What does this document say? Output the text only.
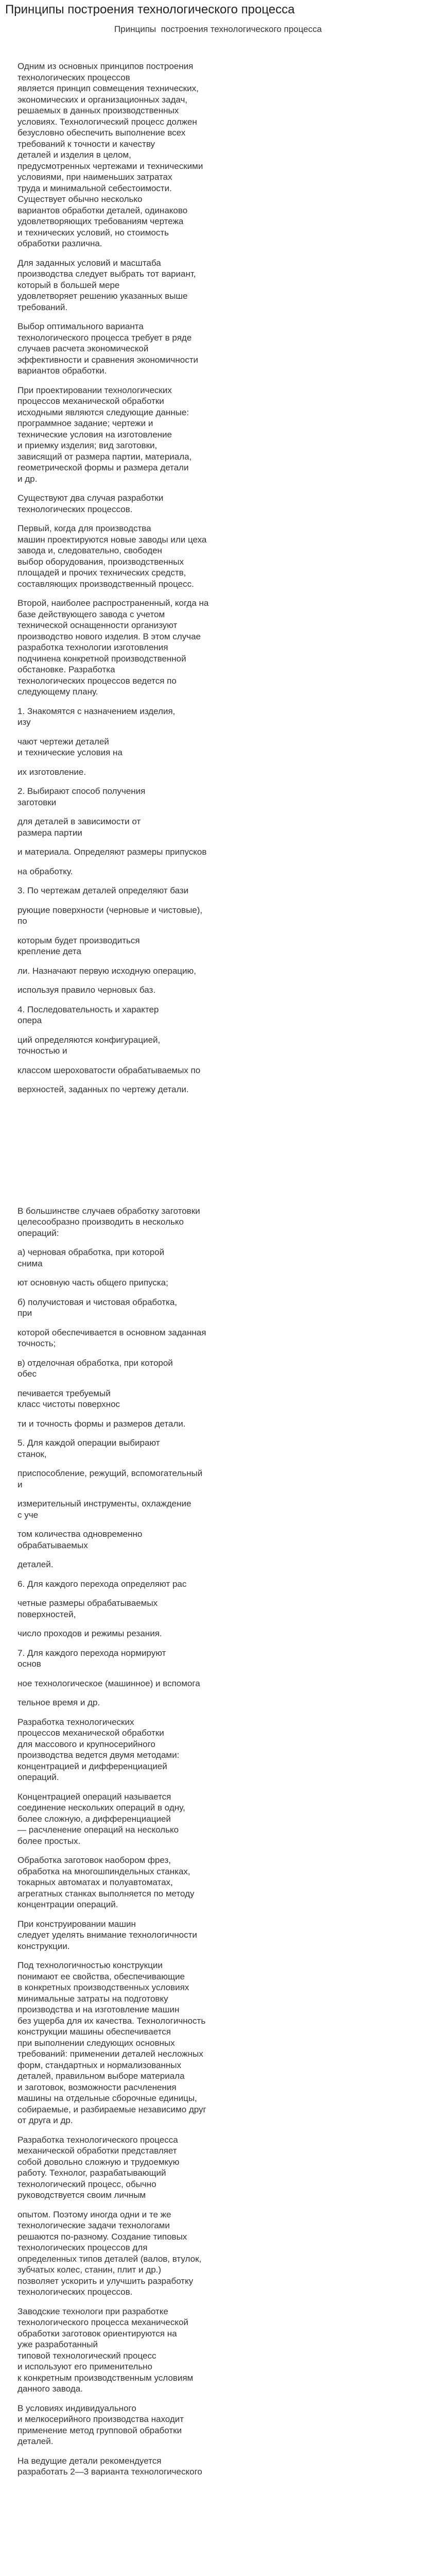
Принципы построения технологического процесса
Принципы  построения технологического процесса
Одним из основных принципов построения
технологических процессов
является принцип совмещения технических,
экономических и организационных задач,
решаемых в данных производственных
условиях. Технологический процесс должен
безусловно обеспечить выполнение всех
требований к точности и качеству
деталей и изделия в целом,
предусмотренных чертежами и техническими
условиями, при наименьших затратах
труда и минимальной себестоимости.
Существует обычно несколько
вариантов обработки деталей, одинаково
удовлетворяющих требованиям чертежа
и технических условий, но стоимость
обработки различна.
Для заданных условий и масштаба
производства следует выбрать тот вариант,
который в большей мере
удовлетворяет решению указанных выше
требований.
Выбор оптимального варианта
технологического процесса требует в ряде
случаев расчета экономической
эффективности и сравнения экономичности
вариантов обработки.
При проектировании технологических
процессов механической обработки
исходными являются следующие данные:
программное задание; чертежи и
технические условия на изготовление
и приемку изделия; вид заготовки,
зависящий от размера партии, материала,
геометрической формы и размера детали
и др.
Существуют два случая разработки
технологических процессов.
Первый, когда для производства
машин проектируются новые заводы или цеха
завода и, следовательно, свободен
выбор оборудования, производственных
площадей и прочих технических средств,
составляющих производственный процесс.
Второй, наиболее распространенный, когда на
базе действующего завода с учетом
технической оснащенности организуют
производство нового изделия. В этом случае
разработка технологии изготовления
подчинена конкретной производственной
обстановке. Разработка
технологических процессов ведется по
следующему плану.
1. Знакомятся с назначением изделия,
изу
чают чертежи деталей
и технические условия на
их изготовление.
2. Выбирают способ получения
заготовки
для деталей в зависимости от
размера партии
и материала. Определяют размеры припусков
на обработку.
3. По чертежам деталей определяют бази
рующие поверхности (черновые и чистовые),
по
которым будет производиться
крепление дета
ли. Назначают первую исходную операцию,
используя правило черновых баз.
4. Последовательность и характер
опера
ций определяются конфигурацией,
точностью и
классом шероховатости обрабатываемых по
верхностей, заданных по чертежу детали.
В большинстве случаев обработку заготовки
целесообразно производить в несколько
операций:
а) черновая обработка, при которой
снима
ют основную часть общего припуска;
б) получистовая и чистовая обработка,
при
которой обеспечивается в основном заданная
точность;
в) отделочная обработка, при которой
обес
печивается требуемый
класс чистоты поверхнос
ти и точность формы и размеров детали.
5. Для каждой операции выбирают
станок,
приспособление, режущий, вспомогательный
и
измерительный инструменты, охлаждение
с уче
том количества одновременно
обрабатываемых
деталей.
6. Для каждого перехода определяют рас
четные размеры обрабатываемых
поверхностей,
число проходов и режимы резания.
7. Для каждого перехода нормируют
основ
ное технологическое (машинное) и вспомога
тельное время и др.
Разработка технологических
процессов механической обработки
для массового и крупносерийного
производства ведется двумя методами:
концентрацией и дифференциацией
операций.
Концентрацией операций называется
соединение нескольких операций в одну,
более сложную, а дифференциацией
— расчленение операций на несколько
более простых.
Обработка заготовок наобором фрез,
обработка на многошпиндельных станках,
токарных автоматах и полуавтоматах,
агрегатных станках выполняется по методу
концентрации операций.
При конструировании машин
следует уделять внимание технологичности
конструкции.
Под технологичностью конструкции
понимают ее свойства, обеспечивающие
в конкретных производственных условиях
минимальные затраты на подготовку
производства и на изготовление машин
без ущерба для их качества. Технологичность
конструкции машины обеспечивается
при выполнении следующих основных
требований: применении деталей несложных
форм, стандартных и нормализованных
деталей, правильном выборе материала
и заготовок, возможности расчленения
машины на отдельные сборочные единицы,
собираемые, и разбираемые независимо друг
от друга и др.
Разработка технологического процесса
механической обработки представляет
собой довольно сложную и трудоемкую
работу. Технолог, разрабатывающий
технологический процесс, обычно
руководствуется своим личным
опытом. Поэтому иногда одни и те же
технологические задачи технологами
решаются по-разному. Создание типовых
технологических процессов для
определенных типов деталей (валов, втулок,
зубчатых колес, станин, плит и др.)
позволяет ускорить и улучшить разработку
технологических процессов.
Заводские технологи при разработке
технологического процесса механической
обработки заготовок ориентируются на
уже разработанный
типовой технологический процесс
и используют его применительно
к конкретным производственным условиям
данного завода.
В условиях индивидуального
и мелкосерийного производства находит
применение метод групповой обработки
деталей.
На ведущие детали рекомендуется
разработать 2—3 варианта технологического
